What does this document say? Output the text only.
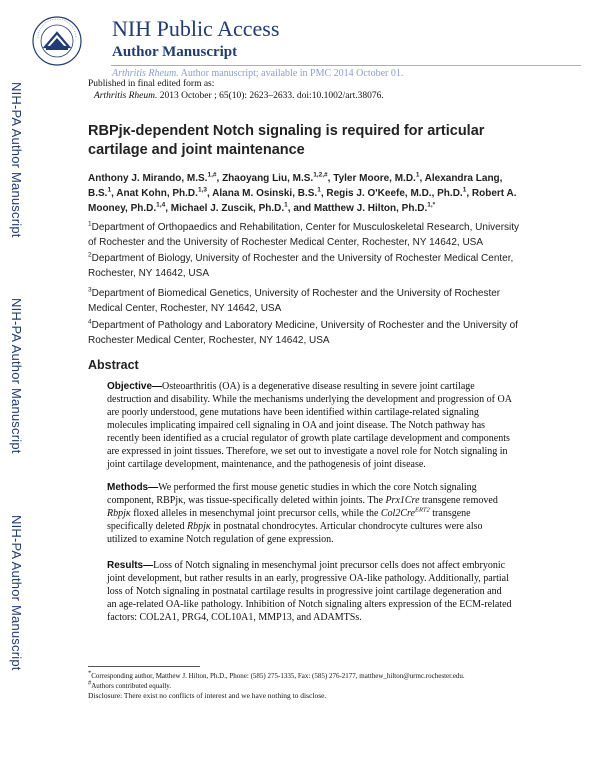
NIH Public Access
Author Manuscript
Arthritis Rheum. Author manuscript; available in PMC 2014 October 01.
NIH-PA Author Manuscript
NIH-PA Author Manuscript
NIH-PA Author Manuscript
Published in final edited form as:
Arthritis Rheum. 2013 October ; 65(10): 2623–2633. doi:10.1002/art.38076.
RBPjκ-dependent Notch signaling is required for articular cartilage and joint maintenance
Anthony J. Mirando, M.S.$^{1,\#}$, Zhaoyang Liu, M.S.$^{1,2,\#}$, Tyler Moore, M.D.$^1$, Alexandra Lang, B.S.$^1$, Anat Kohn, Ph.D.$^{1,3}$, Alana M. Osinski, B.S.$^1$, Regis J. O'Keefe, M.D., Ph.D.$^1$, Robert A. Mooney, Ph.D.$^{1,4}$, Michael J. Zuscik, Ph.D.$^1$, and Matthew J. Hilton, Ph.D.$^{1,*}$
$^1$Department of Orthopaedics and Rehabilitation, Center for Musculoskeletal Research, University of Rochester and the University of Rochester Medical Center, Rochester, NY 14642, USA
$^2$Department of Biology, University of Rochester and the University of Rochester Medical Center, Rochester, NY 14642, USA
$^3$Department of Biomedical Genetics, University of Rochester and the University of Rochester Medical Center, Rochester, NY 14642, USA
$^4$Department of Pathology and Laboratory Medicine, University of Rochester and the University of Rochester Medical Center, Rochester, NY 14642, USA
Abstract
Objective—Osteoarthritis (OA) is a degenerative disease resulting in severe joint cartilage destruction and disability. While the mechanisms underlying the development and progression of OA are poorly understood, gene mutations have been identified within cartilage-related signaling molecules implicating impaired cell signaling in OA and joint disease. The Notch pathway has recently been identified as a crucial regulator of growth plate cartilage development and components are expressed in joint tissues. Therefore, we set out to investigate a novel role for Notch signaling in joint cartilage development, maintenance, and the pathogenesis of joint disease.
Methods—We performed the first mouse genetic studies in which the core Notch signaling component, RBPjκ, was tissue-specifically deleted within joints. The Prx1Cre transgene removed Rbpjκ floxed alleles in mesenchymal joint precursor cells, while the Col2Cre$^{ERT2}$ transgene specifically deleted Rbpjκ in postnatal chondrocytes. Articular chondrocyte cultures were also utilized to examine Notch regulation of gene expression.
Results—Loss of Notch signaling in mesenchymal joint precursor cells does not affect embryonic joint development, but rather results in an early, progressive OA-like pathology. Additionally, partial loss of Notch signaling in postnatal cartilage results in progressive joint cartilage degeneration and an age-related OA-like pathology. Inhibition of Notch signaling alters expression of the ECM-related factors: COL2A1, PRG4, COL10A1, MMP13, and ADAMTSs.
*Corresponding author, Matthew J. Hilton, Ph.D., Phone: (585) 275-1335, Fax: (585) 276-2177, matthew_hilton@urmc.rochester.edu.
#Authors contributed equally.
Disclosure: There exist no conflicts of interest and we have nothing to disclose.
